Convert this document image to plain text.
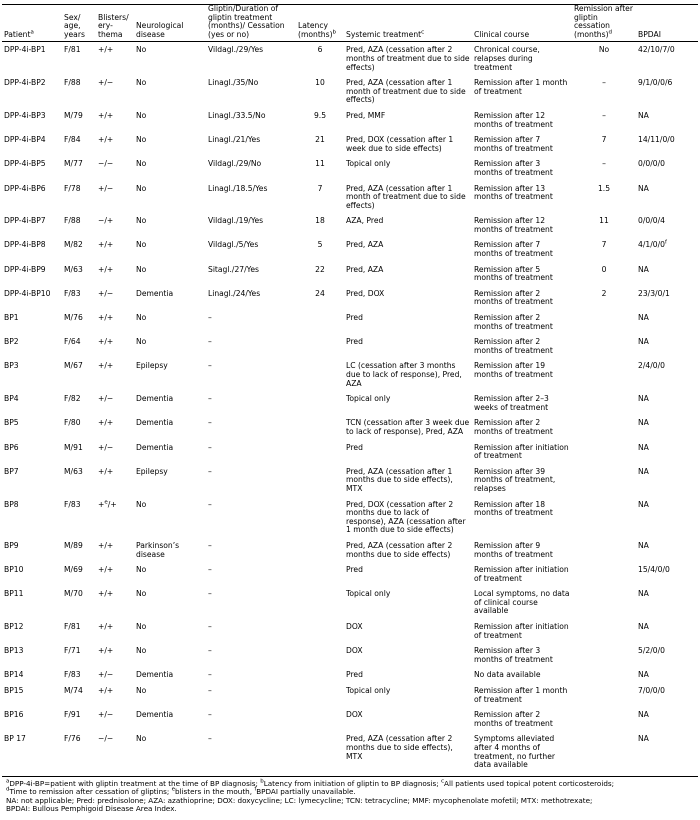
Patient$^a$	Sex/ age, years	Blisters/ ery-thema	Neurological disease	Gliptin/Duration of gliptin treatment (months)/ Cessation (yes or no)	Latency (months)$^b$	Systemic treatment$^c$	Clinical course	Remission after gliptin cessation (months)$^d$	BPDAI
DPP-4i-BP1	F/81	+/+	No	Vildagl./29/Yes	6	Pred, AZA (cessation after 2 months of treatment due to side effects)	Chronical course, relapses during treatment	No	42/10/7/0
DPP-4i-BP2	F/88	+/−	No	Linagl./35/No	10	Pred, AZA (cessation after 1 month of treatment due to side effects)	Remission after 1 month of treatment	–	9/1/0/0/6
DPP-4i-BP3	M/79	+/+	No	Linagl./33.5/No	9.5	Pred, MMF	Remission after 12 months of treatment	–	NA
DPP-4i-BP4	F/84	+/+	No	Linagl./21/Yes	21	Pred, DOX (cessation after 1 week due to side effects)	Remission after 7 months of treatment	7	14/11/0/0
DPP-4i-BP5	M/77	−/−	No	Vildagl./29/No	11	Topical only	Remission after 3 months of treatment	–	0/0/0/0
DPP-4i-BP6	F/78	+/−	No	Linagl./18.5/Yes	7	Pred, AZA (cessation after 1 month of treatment due to side effects)	Remission after 13 months of treatment	1.5	NA
DPP-4i-BP7	F/88	−/+	No	Vildagl./19/Yes	18	AZA, Pred	Remission after 12 months of treatment	11	0/0/0/4
DPP-4i-BP8	M/82	+/+	No	Vildagl./5/Yes	5	Pred, AZA	Remission after 7 months of treatment	7	4/1/0/0$^f$
DPP-4i-BP9	M/63	+/+	No	Sitagl./27/Yes	22	Pred, AZA	Remission after 5 months of treatment	0	NA
DPP-4i-BP10	F/83	+/−	Dementia	Linagl./24/Yes	24	Pred, DOX	Remission after 2 months of treatment	2	23/3/0/1
BP1	M/76	+/+	No	–		Pred	Remission after 2 months of treatment		NA
BP2	F/64	+/+	No	–		Pred	Remission after 2 months of treatment		NA
BP3	M/67	+/+	Epilepsy	–		LC (cessation after 3 months due to lack of response), Pred, AZA	Remission after 19 months of treatment		2/4/0/0
BP4	F/82	+/−	Dementia	–		Topical only	Remission after 2–3 weeks of treatment		NA
BP5	F/80	+/+	Dementia	–		TCN (cessation after 3 week due to lack of response), Pred, AZA	Remission after 2 months of treatment		NA
BP6	M/91	+/−	Dementia	–		Pred	Remission after initiation of treatment		NA
BP7	M/63	+/+	Epilepsy	–		Pred, AZA (cessation after 1 months due to side effects), MTX	Remission after 39 months of treatment, relapses		NA
BP8	F/83	+$^e$/+	No	–		Pred, DOX (cessation after 2 months due to lack of response), AZA (cessation after 1 month due to side effects)	Remission after 18 months of treatment		NA
BP9	M/89	+/+	Parkinson’s disease	–		Pred, AZA (cessation after 2 months due to side effects)	Remission after 9 months of treatment		NA
BP10	M/69	+/+	No	–		Pred	Remission after initiation of treatment		15/4/0/0
BP11	M/70	+/+	No	–		Topical only	Local symptoms, no data of clinical course available		NA
BP12	F/81	+/+	No	–		DOX	Remission after initiation of treatment		NA
BP13	F/71	+/+	No	–		DOX	Remission after 3 months of treatment		5/2/0/0
BP14	F/83	+/−	Dementia	–		Pred	No data available		NA
BP15	M/74	+/+	No	–		Topical only	Remission after 1 month of treatment		7/0/0/0
BP16	F/91	+/−	Dementia	–		DOX	Remission after 2 months of treatment		NA
BP 17	F/76	−/−	No	–		Pred, AZA (cessation after 2 months due to side effects), MTX	Symptoms alleviated after 4 months of treatment, no further data available		NA
$^a$DPP-4i-BP=patient with gliptin treatment at the time of BP diagnosis; $^b$Latency from initiation of gliptin to BP diagnosis; $^c$All patients used topical potent corticosteroids;
$^d$Time to remission after cessation of gliptins; $^e$blisters in the mouth, $^f$BPDAI partially unavailable.
NA: not applicable; Pred: prednisolone; AZA: azathioprine; DOX: doxycycline; LC: lymecycline; TCN: tetracycline; MMF: mycophenolate mofetil; MTX: methotrexate;
BPDAI: Bullous Pemphigoid Disease Area Index.
